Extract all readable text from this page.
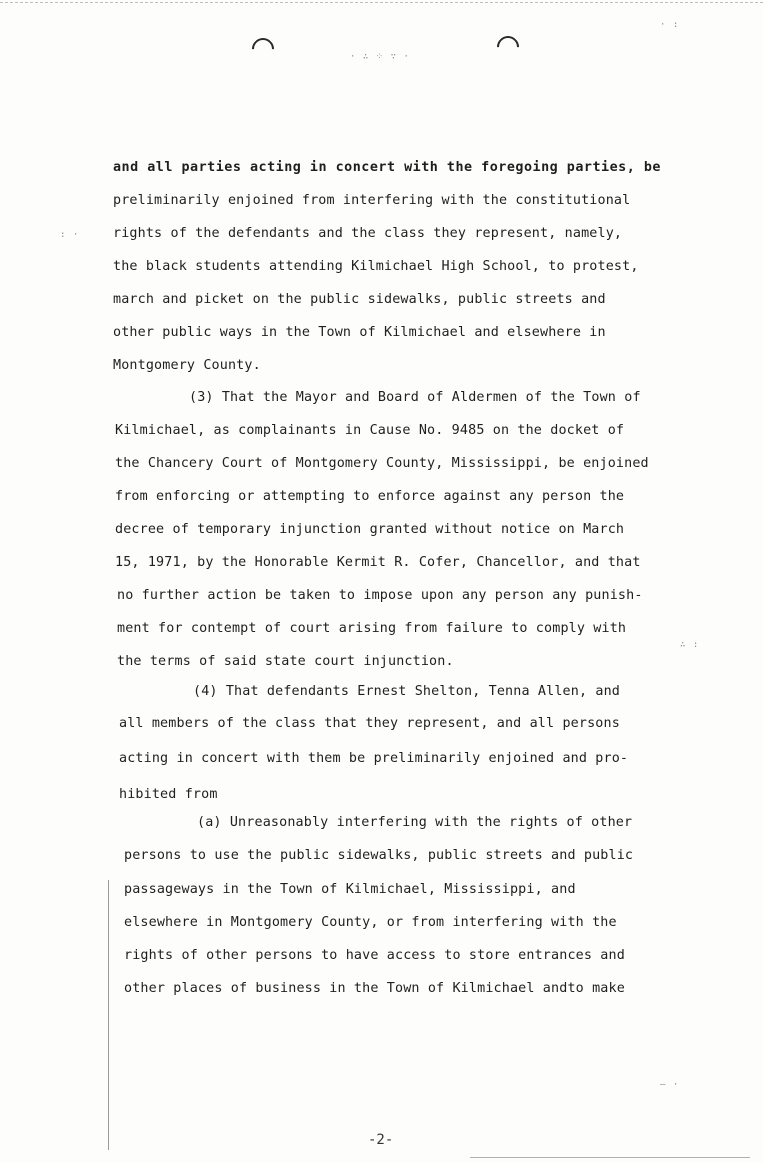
· ∴ ⁘ ∵ ·
· :
: ·
∴ :
— ·
and all parties acting in concert with the foregoing parties, be
preliminarily enjoined from interfering with the constitutional
rights of the defendants and the class they represent, namely,
the black students attending Kilmichael High School, to protest,
march and picket on the public sidewalks, public streets and
other public ways in the Town of Kilmichael and elsewhere in
Montgomery County.
(3) That the Mayor and Board of Aldermen of the Town of
Kilmichael, as complainants in Cause No. 9485 on the docket of
the Chancery Court of Montgomery County, Mississippi, be enjoined
from enforcing or attempting to enforce against any person the
decree of temporary injunction granted without notice on March
15, 1971, by the Honorable Kermit R. Cofer, Chancellor, and that
no further action be taken to impose upon any person any punish-
ment for contempt of court arising from failure to comply with
the terms of said state court injunction.
(4) That defendants Ernest Shelton, Tenna Allen, and
all members of the class that they represent, and all persons
acting in concert with them be preliminarily enjoined and pro-
hibited from
(a) Unreasonably interfering with the rights of other
persons to use the public sidewalks, public streets and public
passageways in the Town of Kilmichael, Mississippi, and
elsewhere in Montgomery County, or from interfering with the
rights of other persons to have access to store entrances and
other places of business in the Town of Kilmichael andto make
-2-
